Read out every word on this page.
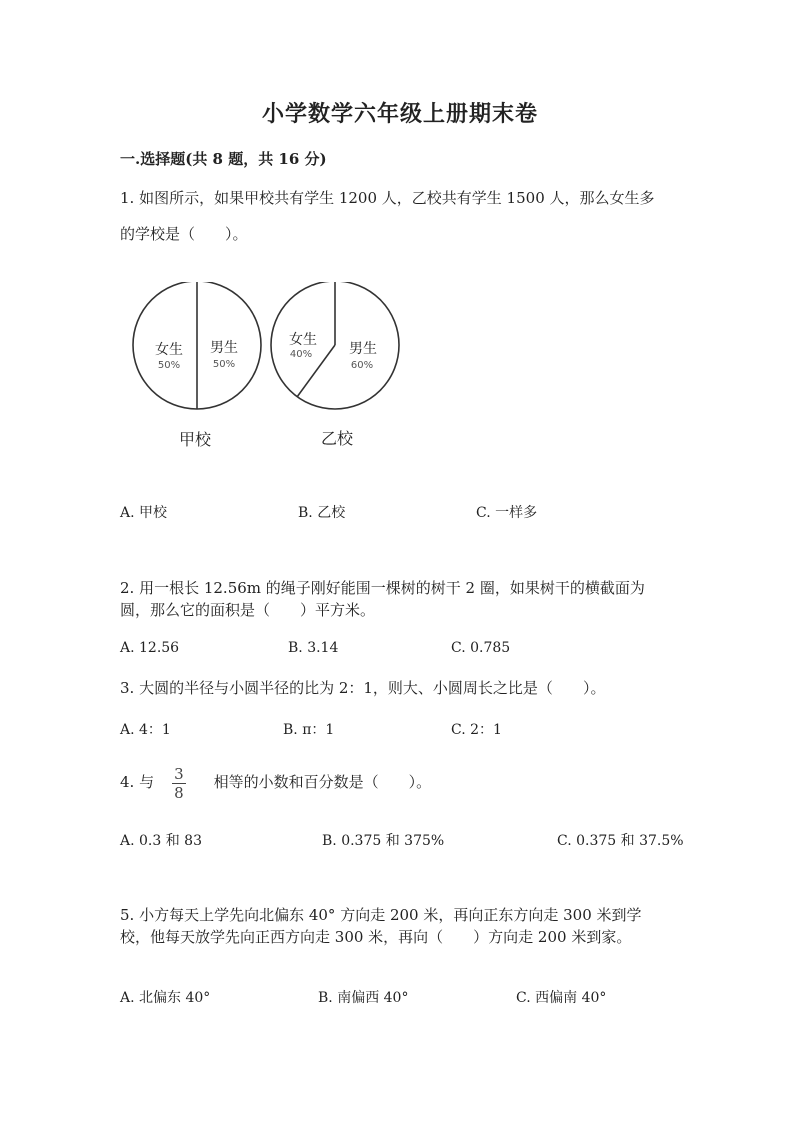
小学数学六年级上册期末卷
一.选择题(共 8 题，共 16 分)
1. 如图所示，如果甲校共有学生 1200 人，乙校共有学生 1500 人，那么女生多
的学校是（　　）。
女生
50%
男生
50%
甲校
女生
40%	男生
60%
乙校
A. 甲校	B. 乙校	C. 一样多
2. 用一根长 12.56m 的绳子刚好能围一棵树的树干 2 圈，如果树干的横截面为
圆，那么它的面积是（　　）平方米。
A. 12.56	B. 3.14	C. 0.785
3. 大圆的半径与小圆半径的比为 2：1，则大、小圆周长之比是（　　）。
A. 4：1	B. π：1	C. 2：1
4. 与 $\frac{3}{8}$ 相等的小数和百分数是（　　）。
A. 0.3 和 83	B. 0.375 和 375%	C. 0.375 和 37.5%
5. 小方每天上学先向北偏东 40° 方向走 200 米，再向正东方向走 300 米到学
校，他每天放学先向正西方向走 300 米，再向（　　）方向走 200 米到家。
A. 北偏东 40°	B. 南偏西 40°	C. 西偏南 40°
